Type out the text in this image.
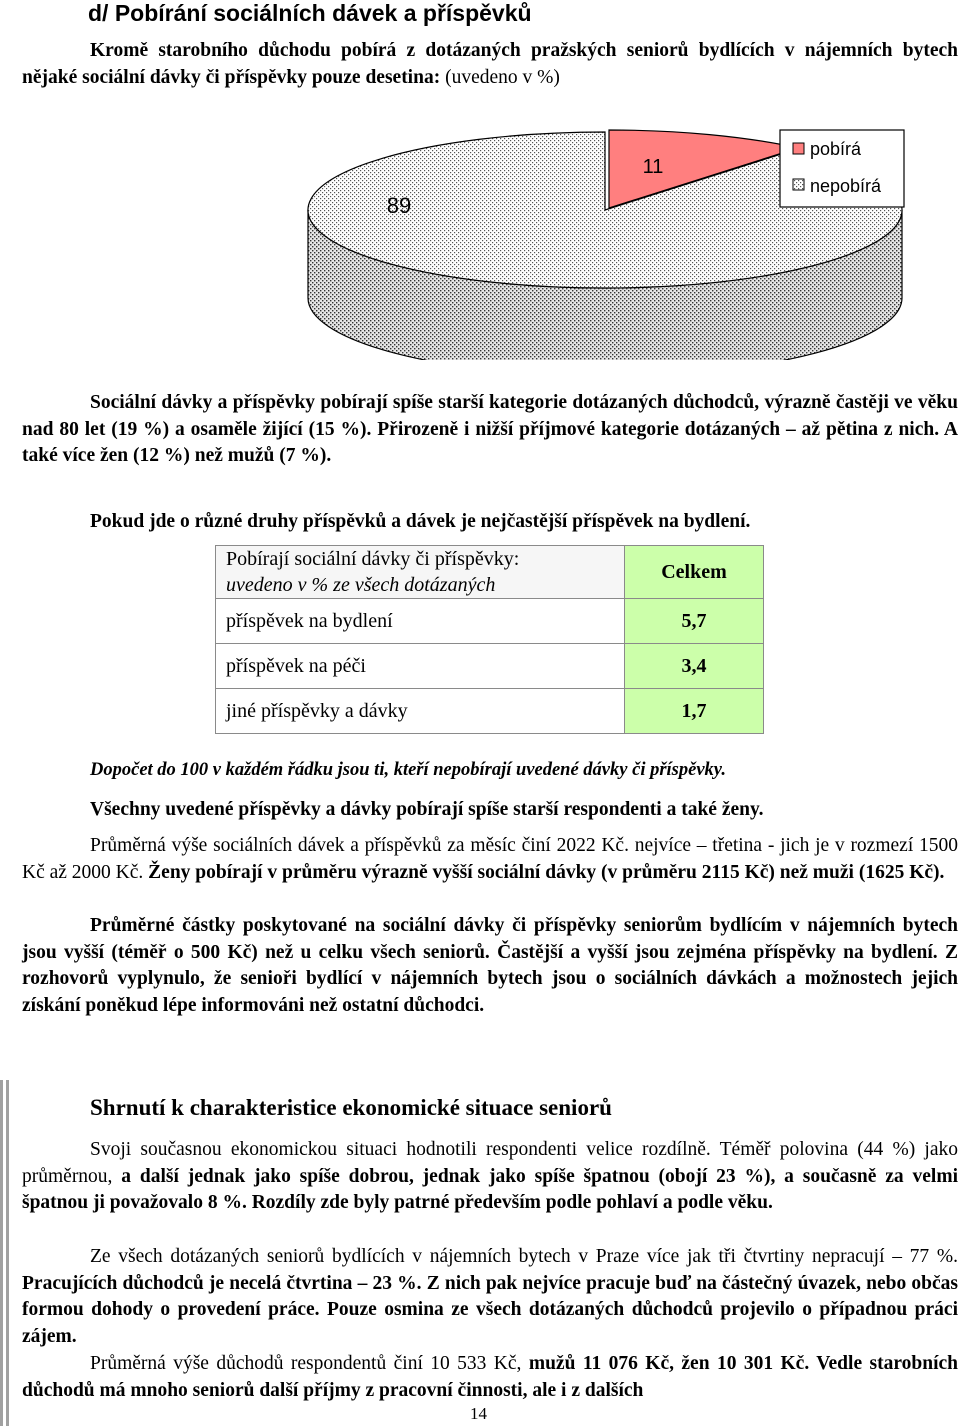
d/ Pobírání sociálních dávek a příspěvků
Kromě starobního důchodu pobírá z dotázaných pražských seniorů bydlících v nájemních bytech nějaké sociální dávky či příspěvky pouze desetina: (uvedeno v %)
89
11
pobírá
nepobírá
Sociální dávky a příspěvky pobírají spíše starší kategorie dotázaných důchodců, výrazně častěji ve věku nad 80 let (19 %) a osaměle žijící (15 %). Přirozeně i nižší příjmové kategorie dotázaných – až pětina z nich. A také více žen (12 %) než mužů (7 %).
Pokud jde o různé druhy příspěvků a dávek je nejčastější příspěvek na bydlení.
Pobírají sociální dávky či příspěvky:
uvedeno v % ze všech dotázaných	Celkem
příspěvek na bydlení	5,7
příspěvek na péči	3,4
jiné příspěvky a dávky	1,7
Dopočet do 100 v každém řádku jsou ti, kteří nepobírají uvedené dávky či příspěvky.
Všechny uvedené příspěvky a dávky pobírají spíše starší respondenti a také ženy.
Průměrná výše sociálních dávek a příspěvků za měsíc činí 2022 Kč. nejvíce – třetina - jich je v rozmezí 1500 Kč až 2000 Kč. Ženy pobírají v průměru výrazně vyšší sociální dávky (v průměru 2115 Kč) než muži (1625 Kč).
Průměrné částky poskytované na sociální dávky či příspěvky seniorům bydlícím v nájemních bytech jsou vyšší (téměř o 500 Kč) než u celku všech seniorů. Častější a vyšší jsou zejména příspěvky na bydlení. Z rozhovorů vyplynulo, že senioři bydlící v nájemních bytech jsou o sociálních dávkách a možnostech jejich získání poněkud lépe informováni než ostatní důchodci.
Shrnutí k charakteristice ekonomické situace seniorů
Svoji současnou ekonomickou situaci hodnotili respondenti velice rozdílně. Téměř polovina (44 %) jako průměrnou, a další jednak jako spíše dobrou, jednak jako spíše špatnou (obojí 23 %), a současně za velmi špatnou ji považovalo 8 %. Rozdíly zde byly patrné především podle pohlaví a podle věku.
Ze všech dotázaných seniorů bydlících v nájemních bytech v Praze více jak tři čtvrtiny nepracují – 77 %. Pracujících důchodců je necelá čtvrtina – 23 %. Z nich pak nejvíce pracuje buď na částečný úvazek, nebo občas formou dohody o provedení práce. Pouze osmina ze všech dotázaných důchodců projevilo o případnou práci zájem.
Průměrná výše důchodů respondentů činí 10 533 Kč, mužů 11 076 Kč, žen 10 301 Kč. Vedle starobních důchodů má mnoho seniorů další příjmy z pracovní činnosti, ale i z dalších
14
